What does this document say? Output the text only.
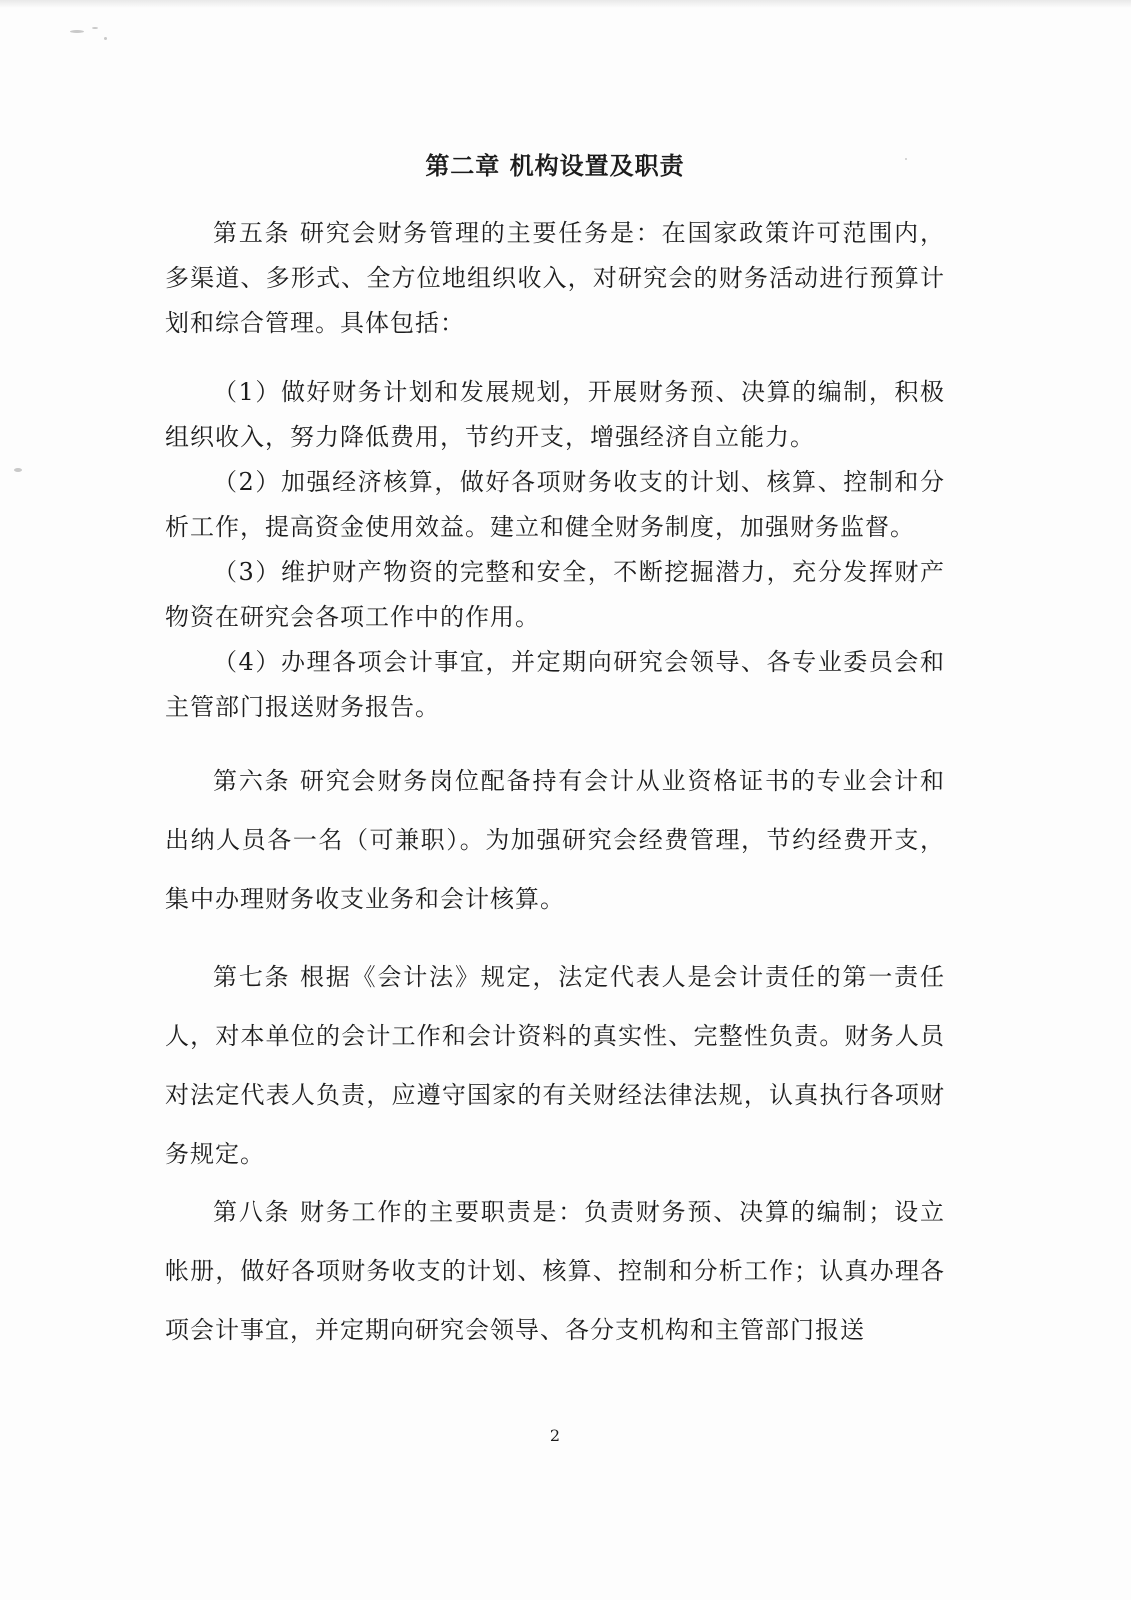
第二章 机构设置及职责

第五条 研究会财务管理的主要任务是：在国家政策许可范围内，多渠道、多形式、全方位地组织收入，对研究会的财务活动进行预算计划和综合管理。具体包括：

（1）做好财务计划和发展规划，开展财务预、决算的编制，积极组织收入，努力降低费用，节约开支，增强经济自立能力。

（2）加强经济核算，做好各项财务收支的计划、核算、控制和分析工作，提高资金使用效益。建立和健全财务制度，加强财务监督。

（3）维护财产物资的完整和安全，不断挖掘潜力，充分发挥财产物资在研究会各项工作中的作用。

（4）办理各项会计事宜，并定期向研究会领导、各专业委员会和主管部门报送财务报告。

第六条 研究会财务岗位配备持有会计从业资格证书的专业会计和出纳人员各一名（可兼职）。为加强研究会经费管理，节约经费开支，集中办理财务收支业务和会计核算。

第七条 根据《会计法》规定，法定代表人是会计责任的第一责任人，对本单位的会计工作和会计资料的真实性、完整性负责。财务人员对法定代表人负责，应遵守国家的有关财经法律法规，认真执行各项财务规定。

第八条 财务工作的主要职责是：负责财务预、决算的编制；设立帐册，做好各项财务收支的计划、核算、控制和分析工作；认真办理各项会计事宜，并定期向研究会领导、各分支机构和主管部门报送

2
